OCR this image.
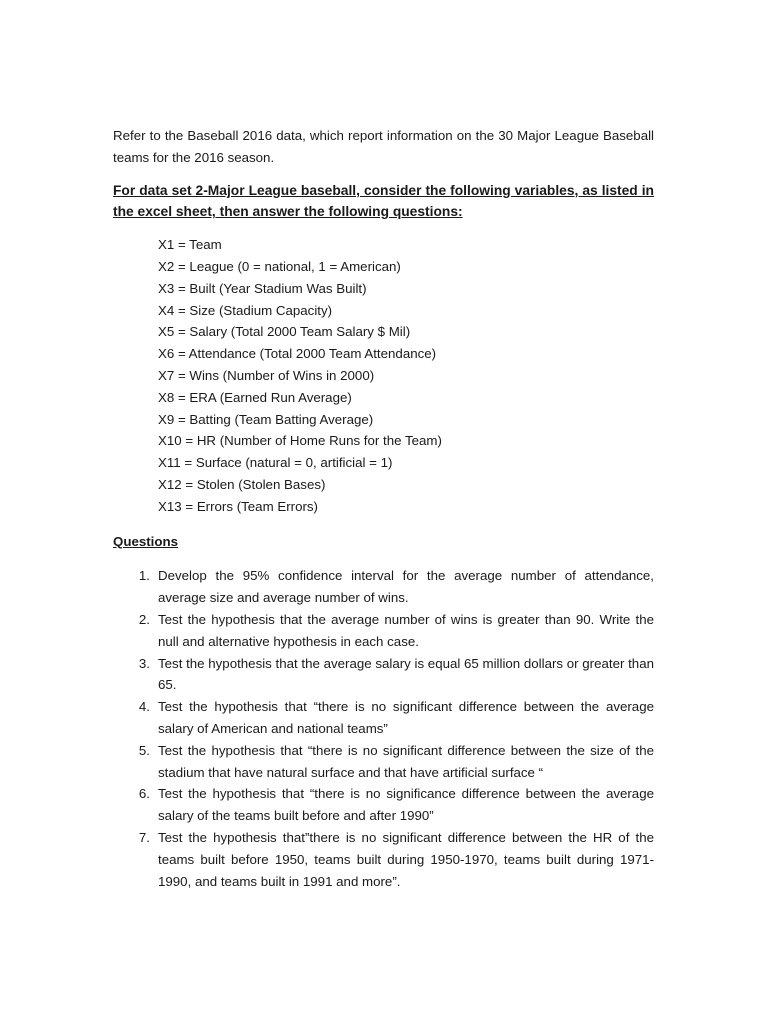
Refer to the Baseball 2016 data, which report information on the 30 Major League Baseball teams for the 2016 season.

For data set 2-Major League baseball, consider the following variables, as listed in the excel sheet, then answer the following questions:

X1 = Team
X2 = League (0 = national, 1 = American)
X3 = Built (Year Stadium Was Built)
X4 = Size (Stadium Capacity)
X5 = Salary (Total 2000 Team Salary $ Mil)
X6 = Attendance (Total 2000 Team Attendance)
X7 = Wins (Number of Wins in 2000)
X8 = ERA (Earned Run Average)
X9 = Batting (Team Batting Average)
X10 = HR (Number of Home Runs for the Team)
X11 = Surface (natural = 0, artificial = 1)
X12 = Stolen (Stolen Bases)
X13 = Errors (Team Errors)

Questions

1. Develop the 95% confidence interval for the average number of attendance, average size and average number of wins.
2. Test the hypothesis that the average number of wins is greater than 90. Write the null and alternative hypothesis in each case.
3. Test the hypothesis that the average salary is equal 65 million dollars or greater than 65.
4. Test the hypothesis that “there is no significant difference between the average salary of American and national teams”
5. Test the hypothesis that “there is no significant difference between the size of the stadium that have natural surface and that have artificial surface “
6. Test the hypothesis that “there is no significance difference between the average salary of the teams built before and after 1990”
7. Test the hypothesis that”there is no significant difference between the HR of the teams built before 1950, teams built during 1950-1970, teams built during 1971-1990, and teams built in 1991 and more”.
